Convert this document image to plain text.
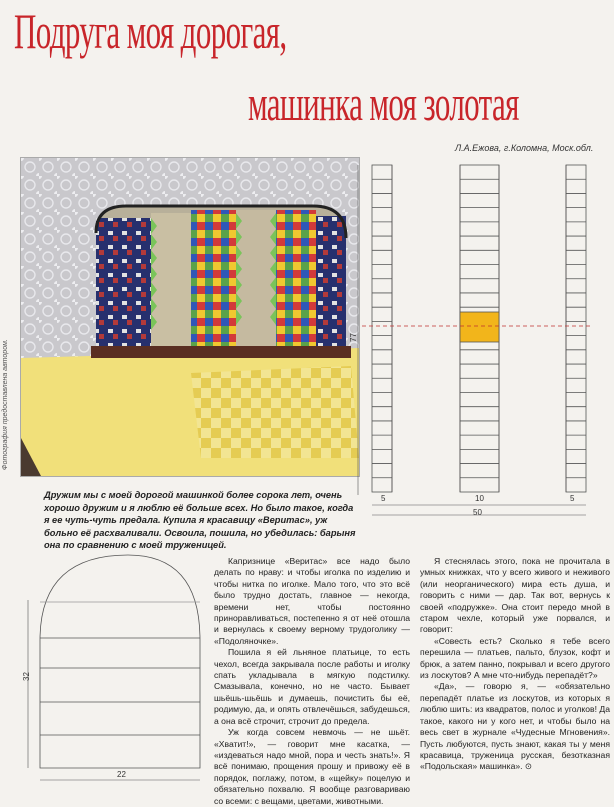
Подруга моя дорогая,
машинка моя золотая
Л.А.Ежова, г.Коломна, Моск.обл.
Фотография предоставлена автором.
Дружим мы с моей дорогой машинкой более сорока лет, очень хорошо дружим и я люблю её больше всех. Но было такое, когда я ее чуть-чуть предала. Купила я красавицу «Веритас», уж больно её расхваливали. Освоила, пошила, но убедилась: барыня она по сравнению с моей труженицей.
77
5	10	5
50
32
22

Капризнице «Веритас» все надо было делать по нраву: и чтобы иголка по изделию и чтобы нитка по иголке. Мало того, что это всё было трудно достать, главное — некогда, времени нет, чтобы постоянно приноравливаться, постепенно я от неё отошла и вернулась к своему верному трудоголику — «Подоляночке».

Пошила я ей льняное платьице, то есть чехол, всегда закрывала после работы и иголку спать укладывала в мягкую подстилку. Смазывала, конечно, но не часто. Бывает шьёшь-шьёшь и думаешь, почистить бы её, родимую, да, и опять отвлечёшься, забудешься, а она всё строчит, строчит до предела.

Уж когда совсем невмочь — не шьёт. «Хватит!», — говорит мне касатка, — «издеваться надо мной, пора и честь знать!». Я всё понимаю, прощения прошу и привожу её в порядок, поглажу, потом, в «щейку» поцелую и обязательно похвалю. Я вообще разговариваю со всеми: с вещами, цветами, животными.

Я стеснялась этого, пока не прочитала в умных книжках, что у всего живого и неживого (или неорганического) мира есть душа, и говорить с ними — дар. Так вот, вернусь к своей «подружке». Она стоит передо мной в старом чехле, который уже порвался, и говорит:

«Совесть есть? Сколько я тебе всего перешила — платьев, пальто, блузок, кофт и брюк, а затем панно, покрывал и всего другого из лоскутов? А мне что-нибудь перепадёт?»

«Да», — говорю я, — «обязательно перепадёт платье из лоскутов, из которых я люблю шить: из квадратов, полос и уголков! Да такое, какого ни у кого нет, и чтобы было на весь свет в журнале «Чудесные Мгновения». Пусть любуются, пусть знают, какая ты у меня красавица, труженица русская, безотказная «Подольская» машинка». ⊙
